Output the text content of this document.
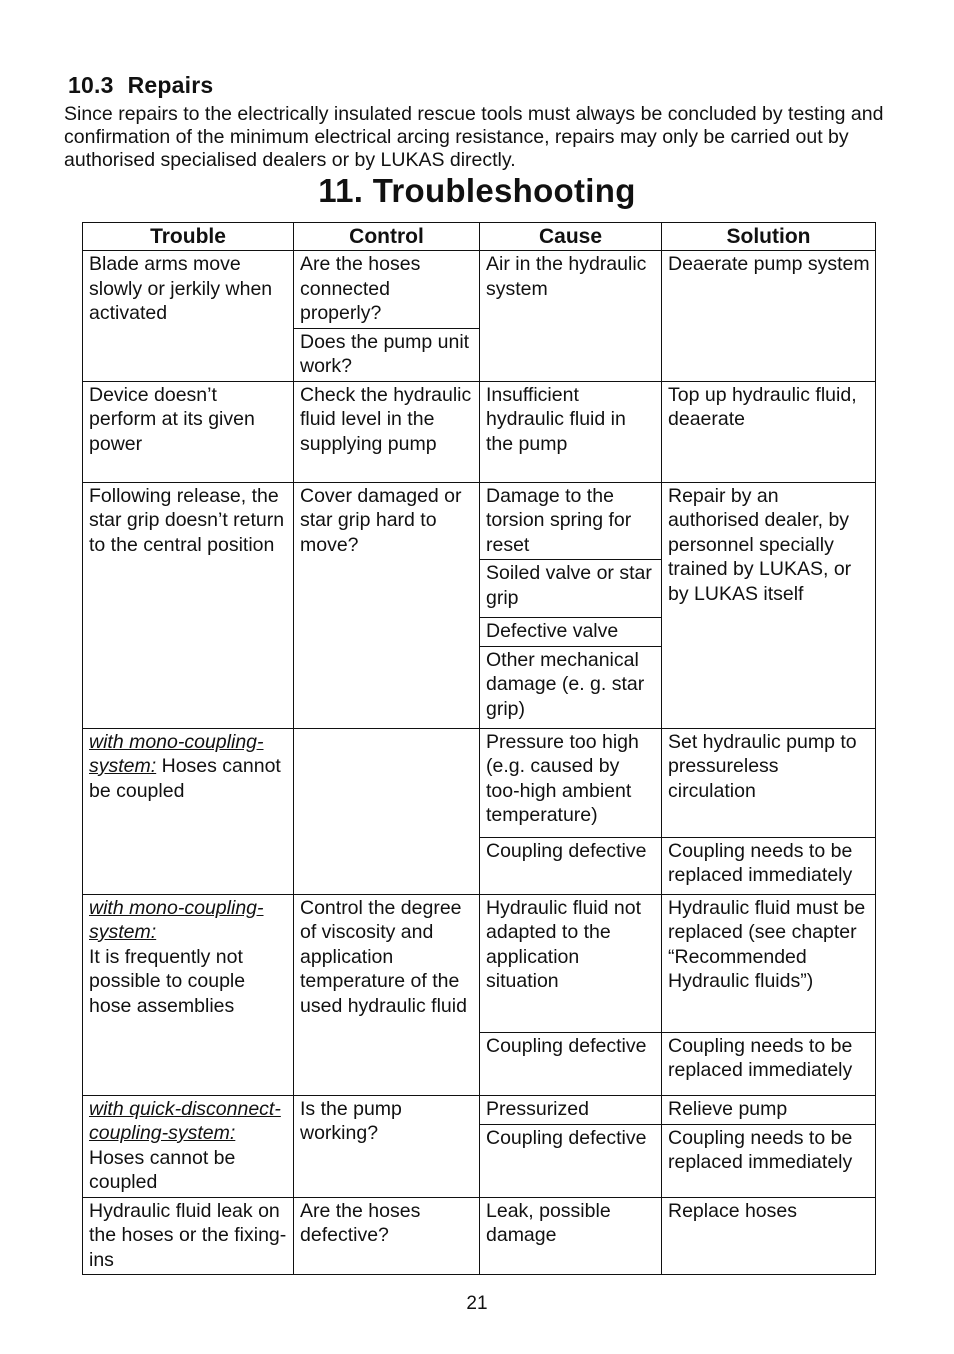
10.3 Repairs
Since repairs to the electrically insulated rescue tools must always be concluded by testing and confirmation of the minimum electrical arcing resistance, repairs may only be carried out by authorised specialised dealers or by LUKAS directly.
11. Troubleshooting
Trouble	Control	Cause	Solution
Blade arms move slowly or jerkily when activated	Are the hoses connected properly?	Air in the hydraulic system	Deaerate pump system
	Does the pump unit work?		
Device doesn’t perform at its given power	Check the hydraulic fluid level in the supplying pump	Insufficient hydraulic fluid in the pump	Top up hydraulic fluid, deaerate
Following release, the star grip doesn’t return to the central position	Cover damaged or star grip hard to move?	Damage to the torsion spring for reset	Repair by an authorised dealer, by personnel specially trained by LUKAS, or by LUKAS itself
		Soiled valve or star grip	
		Defective valve	
		Other mechanical damage (e. g. star grip)	
with mono-coupling-system: Hoses cannot be coupled		Pressure too high (e.g. caused by too-high ambient temperature)	Set hydraulic pump to pressureless circulation
		Coupling defective	Coupling needs to be replaced immediately
with mono-coupling-system:
It is frequently not possible to couple hose assemblies	Control the degree of viscosity and application temperature of the used hydraulic fluid	Hydraulic fluid not adapted to the application situation	Hydraulic fluid must be replaced (see chapter “Recommended Hydraulic fluids”)
		Coupling defective	Coupling needs to be replaced immediately
with quick-disconnect-coupling-system: Hoses cannot be coupled	Is the pump working?	Pressurized	Relieve pump
		Coupling defective	Coupling needs to be replaced immediately
Hydraulic fluid leak on the hoses or the fixing-ins	Are the hoses defective?	Leak, possible damage	Replace hoses
21
